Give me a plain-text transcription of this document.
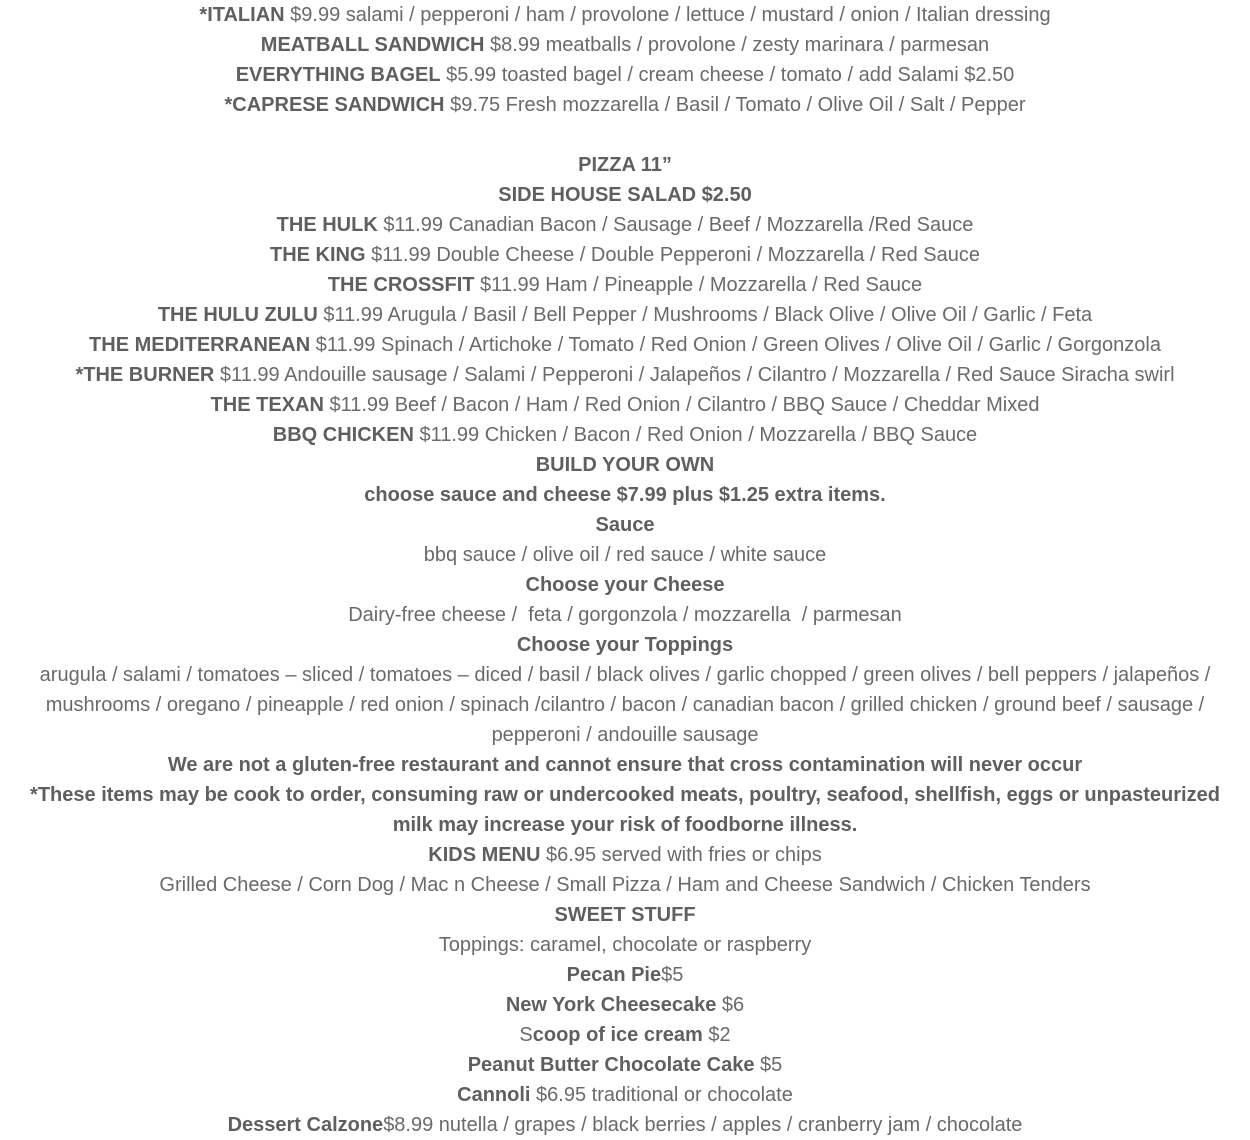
*ITALIAN $9.99 salami / pepperoni / ham / provolone / lettuce / mustard / onion / Italian dressing
MEATBALL SANDWICH $8.99 meatballs / provolone / zesty marinara / parmesan
EVERYTHING BAGEL $5.99 toasted bagel / cream cheese / tomato / add Salami $2.50
*CAPRESE SANDWICH $9.75 Fresh mozzarella / Basil / Tomato / Olive Oil / Salt / Pepper
PIZZA 11”
SIDE HOUSE SALAD $2.50
THE HULK $11.99 Canadian Bacon / Sausage / Beef / Mozzarella /Red Sauce
THE KING $11.99 Double Cheese / Double Pepperoni / Mozzarella / Red Sauce
THE CROSSFIT $11.99 Ham / Pineapple / Mozzarella / Red Sauce
THE HULU ZULU $11.99 Arugula / Basil / Bell Pepper / Mushrooms / Black Olive / Olive Oil / Garlic / Feta
THE MEDITERRANEAN $11.99 Spinach / Artichoke / Tomato / Red Onion / Green Olives / Olive Oil / Garlic / Gorgonzola
*THE BURNER $11.99 Andouille sausage / Salami / Pepperoni / Jalapeños / Cilantro / Mozzarella / Red Sauce Siracha swirl
THE TEXAN $11.99 Beef / Bacon / Ham / Red Onion / Cilantro / BBQ Sauce / Cheddar Mixed
BBQ CHICKEN $11.99 Chicken / Bacon / Red Onion / Mozzarella / BBQ Sauce
BUILD YOUR OWN
choose sauce and cheese $7.99 plus $1.25 extra items.
Sauce
bbq sauce / olive oil / red sauce / white sauce
Choose your Cheese
Dairy-free cheese /  feta / gorgonzola / mozzarella  / parmesan
Choose your Toppings
arugula / salami / tomatoes – sliced / tomatoes – diced / basil / black olives / garlic chopped / green olives / bell peppers / jalapeños / mushrooms / oregano / pineapple / red onion / spinach /cilantro / bacon / canadian bacon / grilled chicken / ground beef / sausage / pepperoni / andouille sausage
We are not a gluten-free restaurant and cannot ensure that cross contamination will never occur
*These items may be cook to order, consuming raw or undercooked meats, poultry, seafood, shellfish, eggs or unpasteurized milk may increase your risk of foodborne illness.
KIDS MENU $6.95 served with fries or chips
Grilled Cheese / Corn Dog / Mac n Cheese / Small Pizza / Ham and Cheese Sandwich / Chicken Tenders
SWEET STUFF
Toppings: caramel, chocolate or raspberry
Pecan Pie$5
New York Cheesecake $6
Scoop of ice cream $2
Peanut Butter Chocolate Cake $5
Cannoli $6.95 traditional or chocolate
Dessert Calzone$8.99 nutella / grapes / black berries / apples / cranberry jam / chocolate
